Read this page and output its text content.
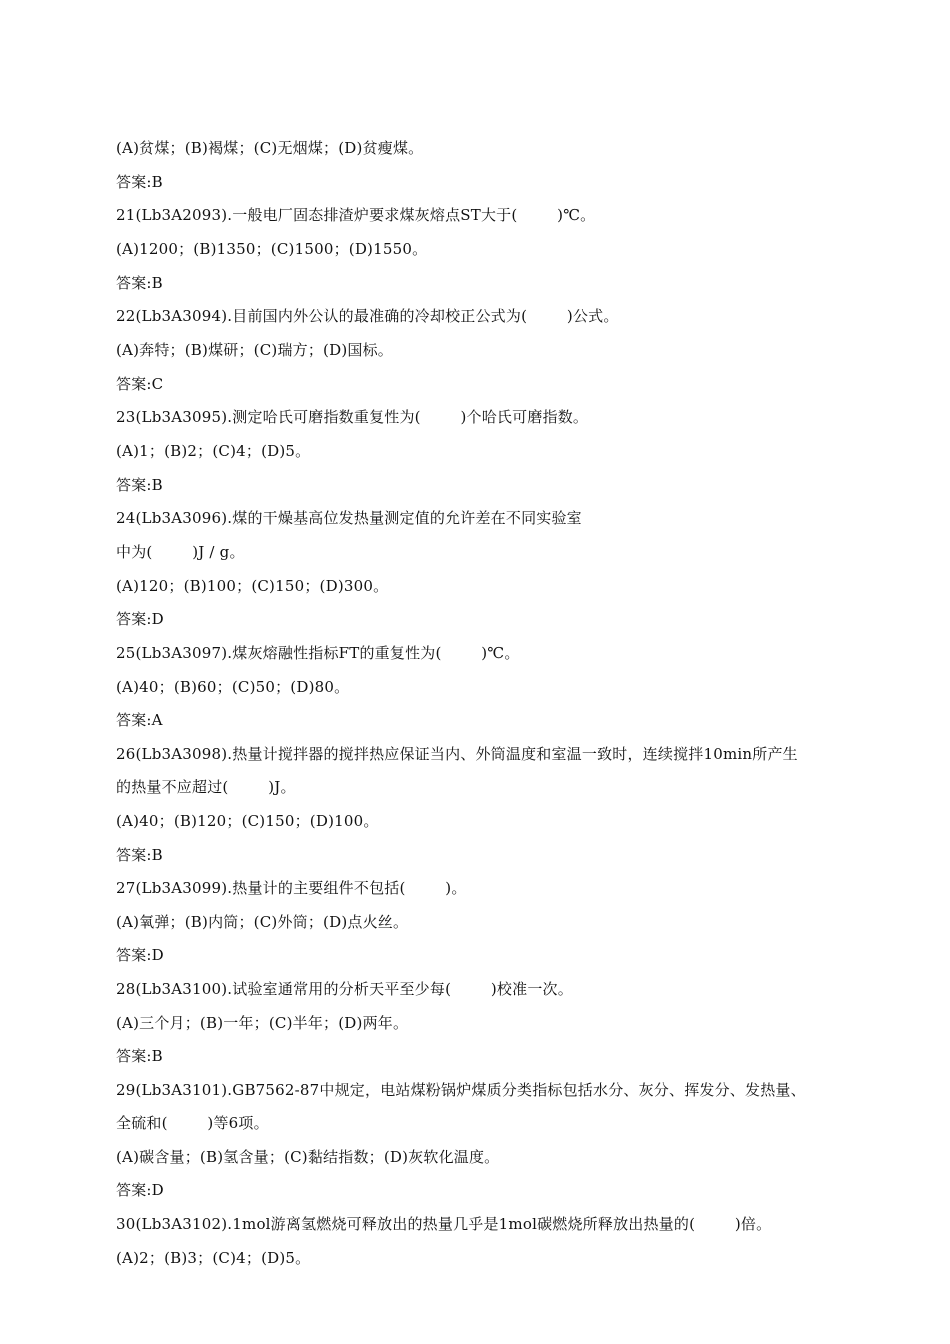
(A)贫煤；(B)褐煤；(C)无烟煤；(D)贫瘦煤。
答案:B
21(Lb3A2093).一般电厂固态排渣炉要求煤灰熔点ST大于(        )℃。
(A)1200；(B)1350；(C)1500；(D)1550。
答案:B
22(Lb3A3094).目前国内外公认的最准确的冷却校正公式为(        )公式。
(A)奔特；(B)煤研；(C)瑞方；(D)国标。
答案:C
23(Lb3A3095).测定哈氏可磨指数重复性为(        )个哈氏可磨指数。
(A)1；(B)2；(C)4；(D)5。
答案:B
24(Lb3A3096).煤的干燥基高位发热量测定值的允许差在不同实验室
中为(        )J / g。
(A)120；(B)100；(C)150；(D)300。
答案:D
25(Lb3A3097).煤灰熔融性指标FT的重复性为(        )℃。
(A)40；(B)60；(C)50；(D)80。
答案:A
26(Lb3A3098).热量计搅拌器的搅拌热应保证当内、外筒温度和室温一致时，连续搅拌10min所产生
的热量不应超过(        )J。
(A)40；(B)120；(C)150；(D)100。
答案:B
27(Lb3A3099).热量计的主要组件不包括(        )。
(A)氧弹；(B)内筒；(C)外筒；(D)点火丝。
答案:D
28(Lb3A3100).试验室通常用的分析天平至少每(        )校准一次。
(A)三个月；(B)一年；(C)半年；(D)两年。
答案:B
29(Lb3A3101).GB7562-87中规定，电站煤粉锅炉煤质分类指标包括水分、灰分、挥发分、发热量、
全硫和(        )等6项。
(A)碳含量；(B)氢含量；(C)黏结指数；(D)灰软化温度。
答案:D
30(Lb3A3102).1mol游离氢燃烧可释放出的热量几乎是1mol碳燃烧所释放出热量的(        )倍。
(A)2；(B)3；(C)4；(D)5。
